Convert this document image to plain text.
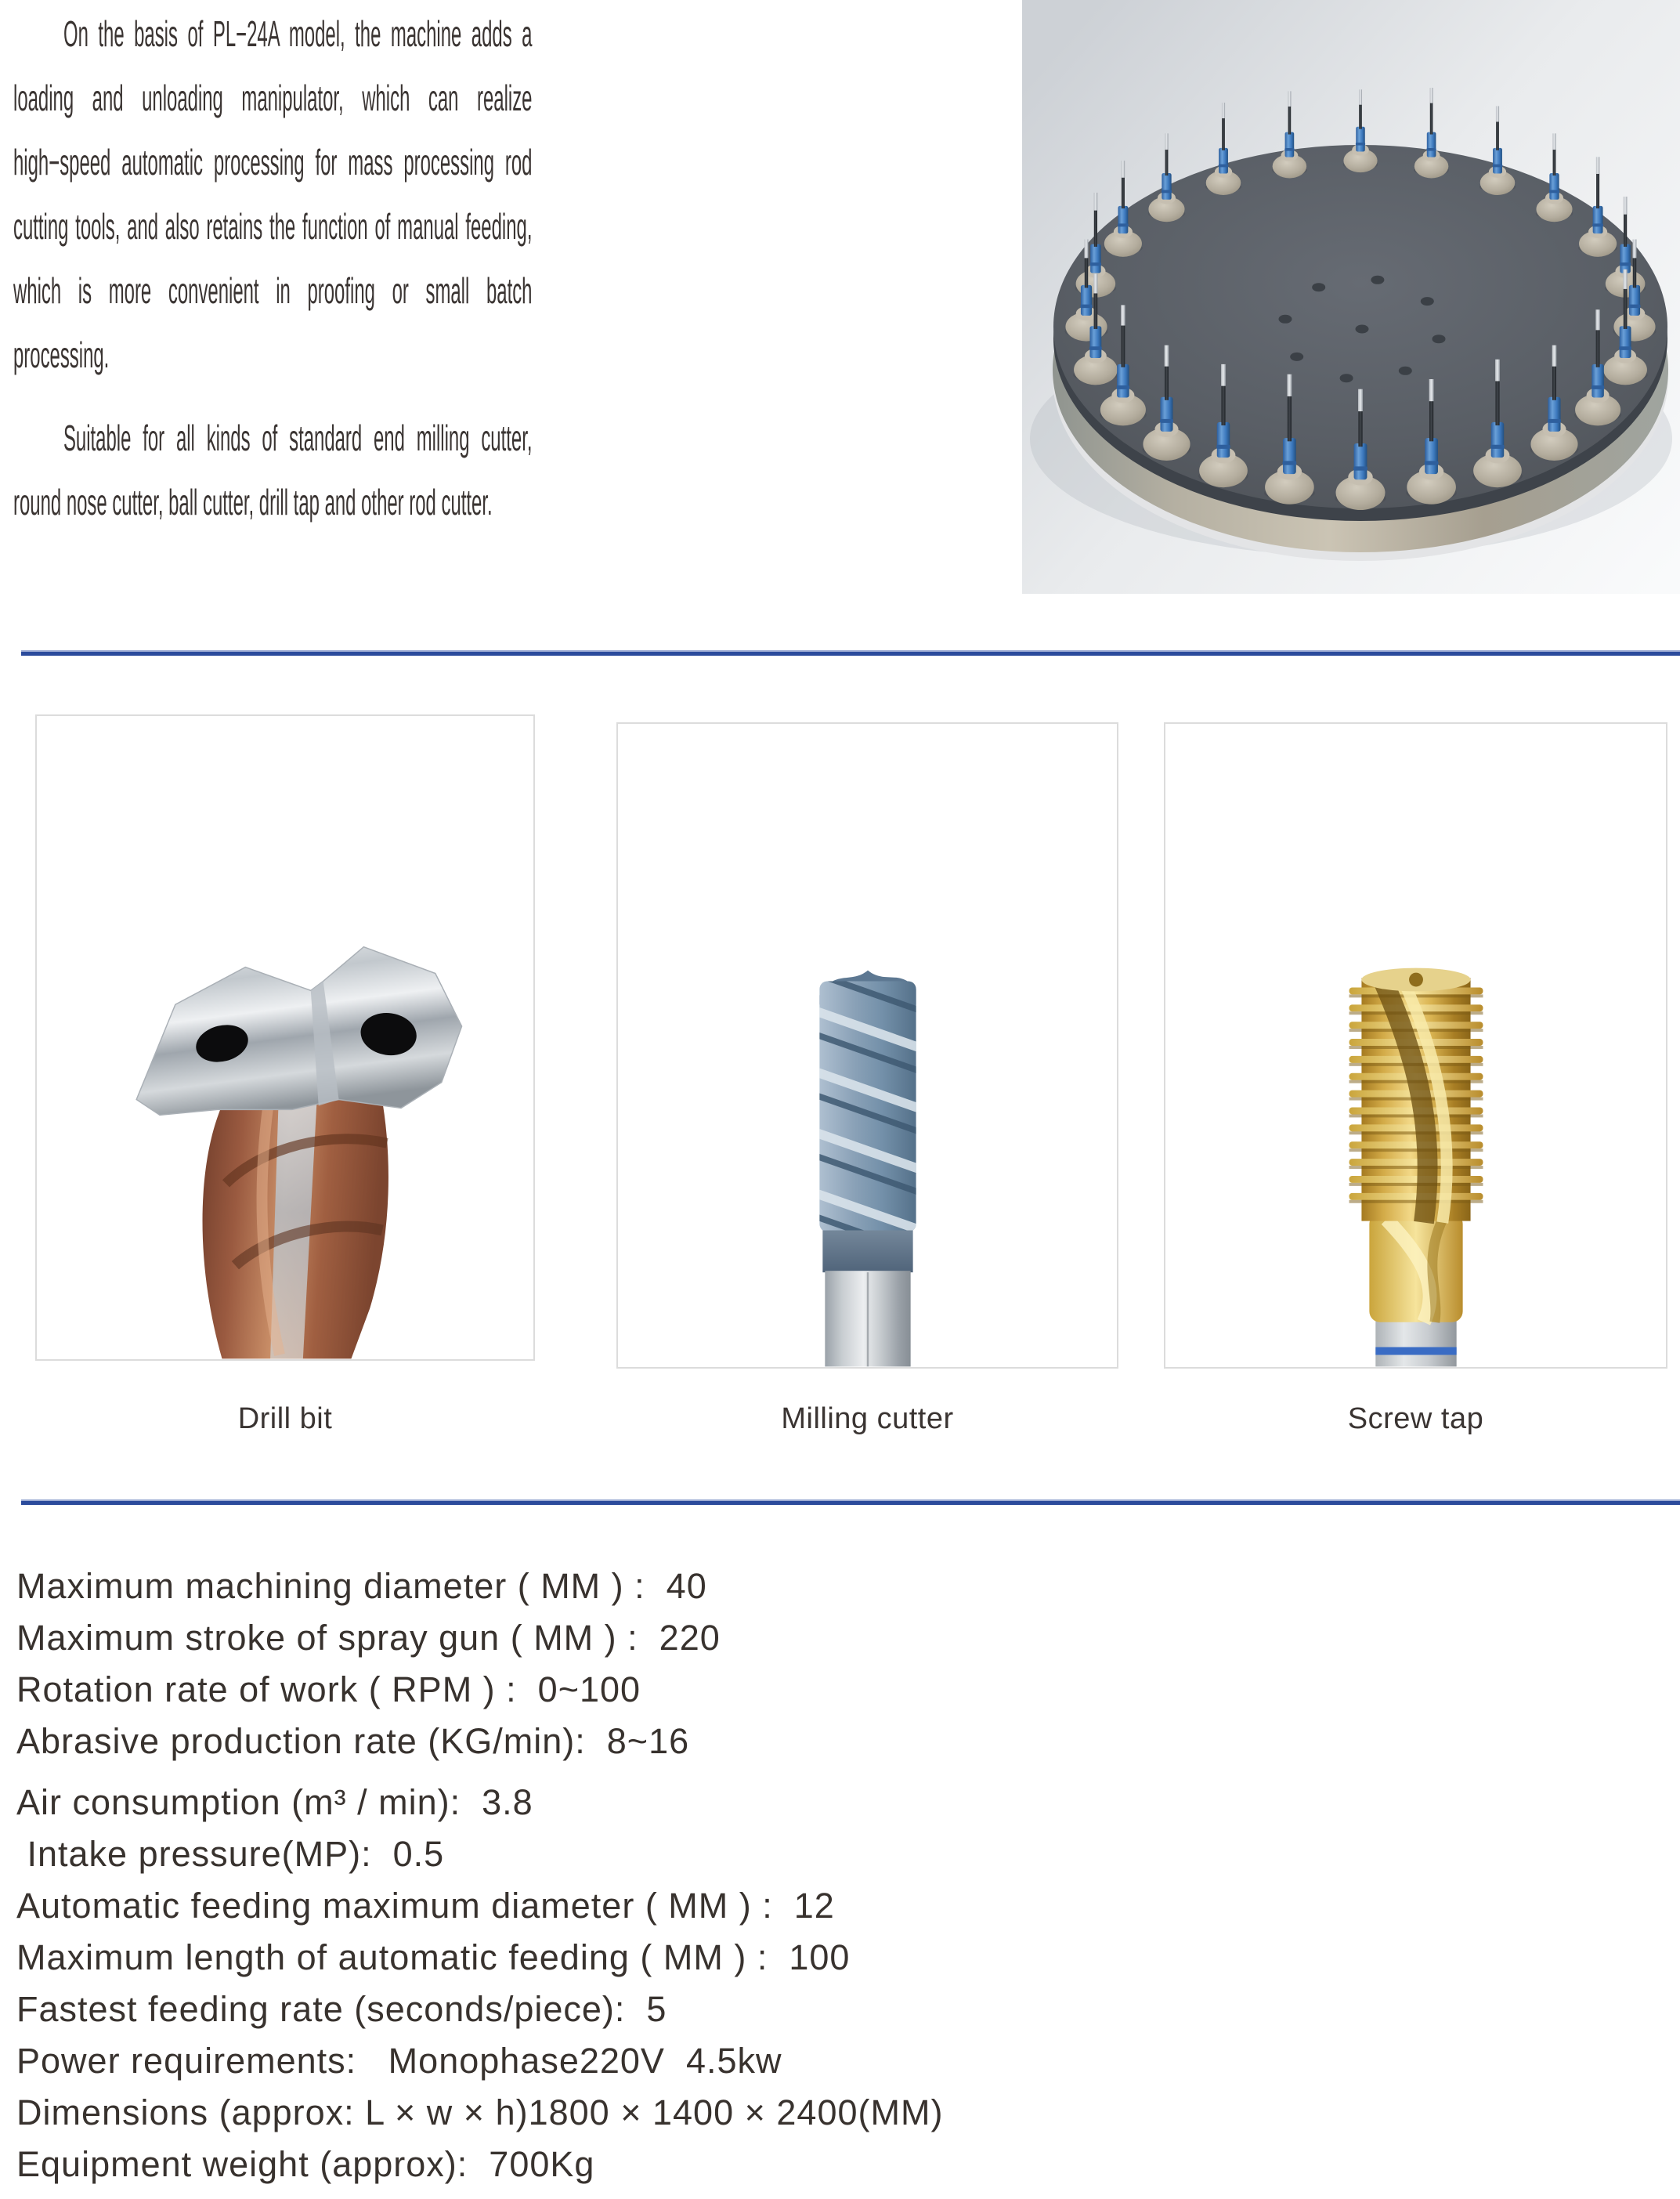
On the basis of PL−24A model, the machine adds a loading and unloading manipulator, which can realize high−speed automatic processing for mass processing rod cutting tools, and also retains the function of manual feeding, which is more convenient in proofing or small batch processing.

Suitable for all kinds of standard end milling cutter, round nose cutter, ball cutter, drill tap and other rod cutter.

Drill bit	Milling cutter	Screw tap
Maximum machining diameter ( MM ) :  40
Maximum stroke of spray gun ( MM ) :  220
Rotation rate of work ( RPM ) :  0~100
Abrasive production rate (KG/min):  8~16
Air consumption (m³ / min):  3.8
Intake pressure(MP):  0.5
Automatic feeding maximum diameter ( MM ) :  12
Maximum length of automatic feeding ( MM ) :  100
Fastest feeding rate (seconds/piece):  5
Power requirements:   Monophase220V  4.5kw
Dimensions (approx: L × w × h)1800 × 1400 × 2400(MM)
Equipment weight (approx):  700Kg
